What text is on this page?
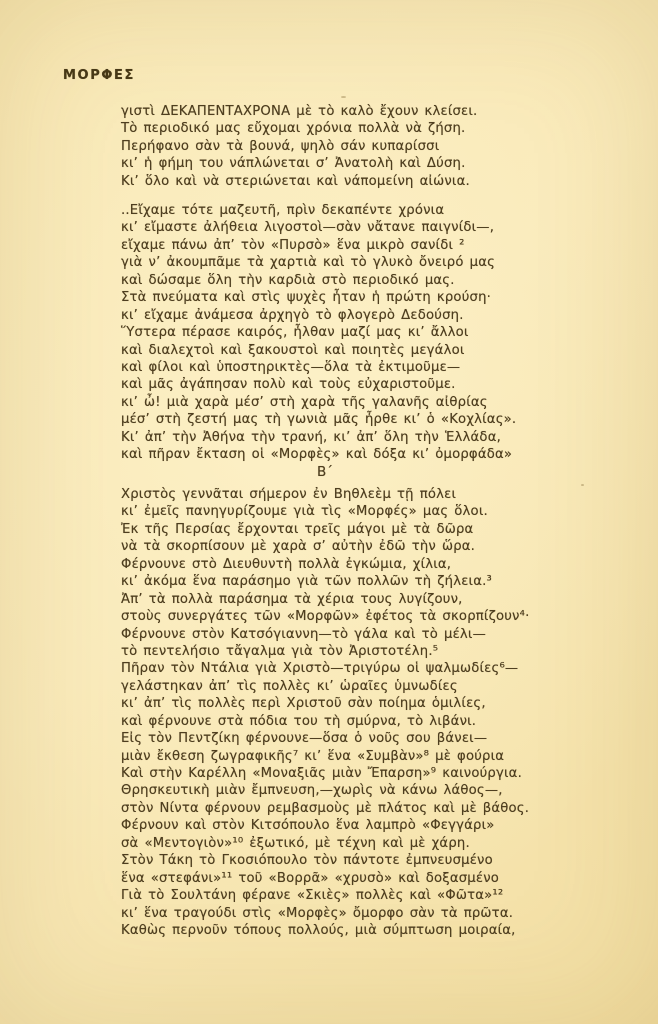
ΜΟΡΦΕΣ
γιστὶ ΔΕΚΑΠΕΝΤΑΧΡΟΝΑ μὲ τὸ καλὸ ἔχουν κλείσει.
Τὸ περιοδικό μας εὔχομαι χρόνια πολλὰ νὰ ζήση.
Περήφανο σὰν τὰ βουνά, ψηλὸ σάν κυπαρίσσι
κι’ ἡ φήμη του νάπλώνεται σ’ Ἀνατολὴ καὶ Δύση.
Κι’ ὅλο καὶ νὰ στεριώνεται καὶ νάπομείνη αἰώνια.
..Εἴχαμε τότε μαζευτῆ, πρὶν δεκαπέντε χρόνια
κι’ εἴμαστε ἀλήθεια λιγοστοὶ—σὰν νἄτανε παιγνίδι—,
εἴχαμε πάνω ἀπ’ τὸν «Πυρσὸ» ἕνα μικρὸ σανίδι ²
γιὰ ν’ ἀκουμπᾶμε τὰ χαρτιὰ καὶ τὸ γλυκὸ ὄνειρό μας
καὶ δώσαμε ὅλη τὴν καρδιὰ στὸ περιοδικό μας.
Στὰ πνεύματα καὶ στὶς ψυχὲς ἦταν ἡ πρώτη κρούση·
κι’ εἴχαμε ἀνάμεσα ἀρχηγὸ τὸ φλογερὸ Δεδούση.
Ὕστερα πέρασε καιρός, ἦλθαν μαζί μας κι’ ἄλλοι
καὶ διαλεχτοὶ καὶ ξακουστοὶ καὶ ποιητὲς μεγάλοι
καὶ φίλοι καὶ ὑποστηρικτὲς—ὅλα τὰ ἐκτιμοῦμε—
καὶ μᾶς ἀγάπησαν πολὺ καὶ τοὺς εὐχαριστοῦμε.
κι’ ὦ! μιὰ χαρὰ μέσ’ στὴ χαρὰ τῆς γαλανῆς αἰθρίας
μέσ’ στὴ ζεστή μας τὴ γωνιὰ μᾶς ἦρθε κι’ ὁ «Κοχλίας».
Κι’ ἀπ’ τὴν Ἀθήνα τὴν τρανή, κι’ ἀπ’ ὅλη τὴν Ἑλλάδα,
καὶ πῆραν ἔκταση οἱ «Μορφὲς» καὶ δόξα κι’ ὀμορφάδα»
Β´
Χριστὸς γεννᾶται σήμερον ἐν Βηθλεὲμ τῇ πόλει
κι’ ἐμεῖς πανηγυρίζουμε γιὰ τὶς «Μορφές» μας ὅλοι.
Ἐκ τῆς Περσίας ἔρχονται τρεῖς μάγοι μὲ τὰ δῶρα
νὰ τὰ σκορπίσουν μὲ χαρὰ σ’ αὐτὴν ἐδῶ τὴν ὥρα.
Φέρνουνε στὸ Διευθυντὴ πολλὰ ἐγκώμια, χίλια,
κι’ ἀκόμα ἕνα παράσημο γιὰ τῶν πολλῶν τὴ ζήλεια.³
Ἀπ’ τὰ πολλὰ παράσημα τὰ χέρια τους λυγίζουν,
στοὺς συνεργάτες τῶν «Μορφῶν» ἐφέτος τὰ σκορπίζουν⁴·
Φέρνουνε στὸν Κατσόγιαννη—τὸ γάλα καὶ τὸ μέλι—
τὸ πεντελήσιο τἄγαλμα γιὰ τὸν Ἀριστοτέλη.⁵
Πῆραν τὸν Ντάλια γιὰ Χριστὸ—τριγύρω οἱ ψαλμωδίες⁶—
γελάστηκαν ἀπ’ τὶς πολλὲς κι’ ὡραῖες ὑμνωδίες
κι’ ἀπ’ τὶς πολλὲς περὶ Χριστοῦ σὰν ποίημα ὁμιλίες,
καὶ φέρνουνε στὰ πόδια του τὴ σμύρνα, τὸ λιβάνι.
Εἰς τὸν Πεντζίκη φέρνουνε—ὅσα ὁ νοῦς σου βάνει—
μιὰν ἔκθεση ζωγραφικῆς⁷ κι’ ἕνα «Συμβὰν»⁸ μὲ φούρια
Καὶ στὴν Καρέλλη «Μοναξιᾶς μιὰν Ἔπαρση»⁹ καινούργια.
Θρησκευτικὴ μιὰν ἔμπνευση,—χωρὶς νὰ κάνω λάθος—,
στὸν Νίντα φέρνουν ρεμβασμοὺς μὲ πλάτος καὶ μὲ βάθος.
Φέρνουν καὶ στὸν Κιτσόπουλο ἕνα λαμπρὸ «Φεγγάρι»
σὰ «Μεντογιὸν»¹⁰ ἐξωτικό, μὲ τέχνη καὶ μὲ χάρη.
Στὸν Τάκη τὸ Γκοσιόπουλο τὸν πάντοτε ἐμπνευσμένο
ἕνα «στεφάνι»¹¹ τοῦ «Βορρᾶ» «χρυσὸ» καὶ δοξασμένο
Γιὰ τὸ Σουλτάνη φέρανε «Σκιὲς» πολλὲς καὶ «Φῶτα»¹²
κι’ ἕνα τραγούδι στὶς «Μορφὲς» ὄμορφο σὰν τὰ πρῶτα.
Καθὼς περνοῦν τόπους πολλούς, μιὰ σύμπτωση μοιραία,
